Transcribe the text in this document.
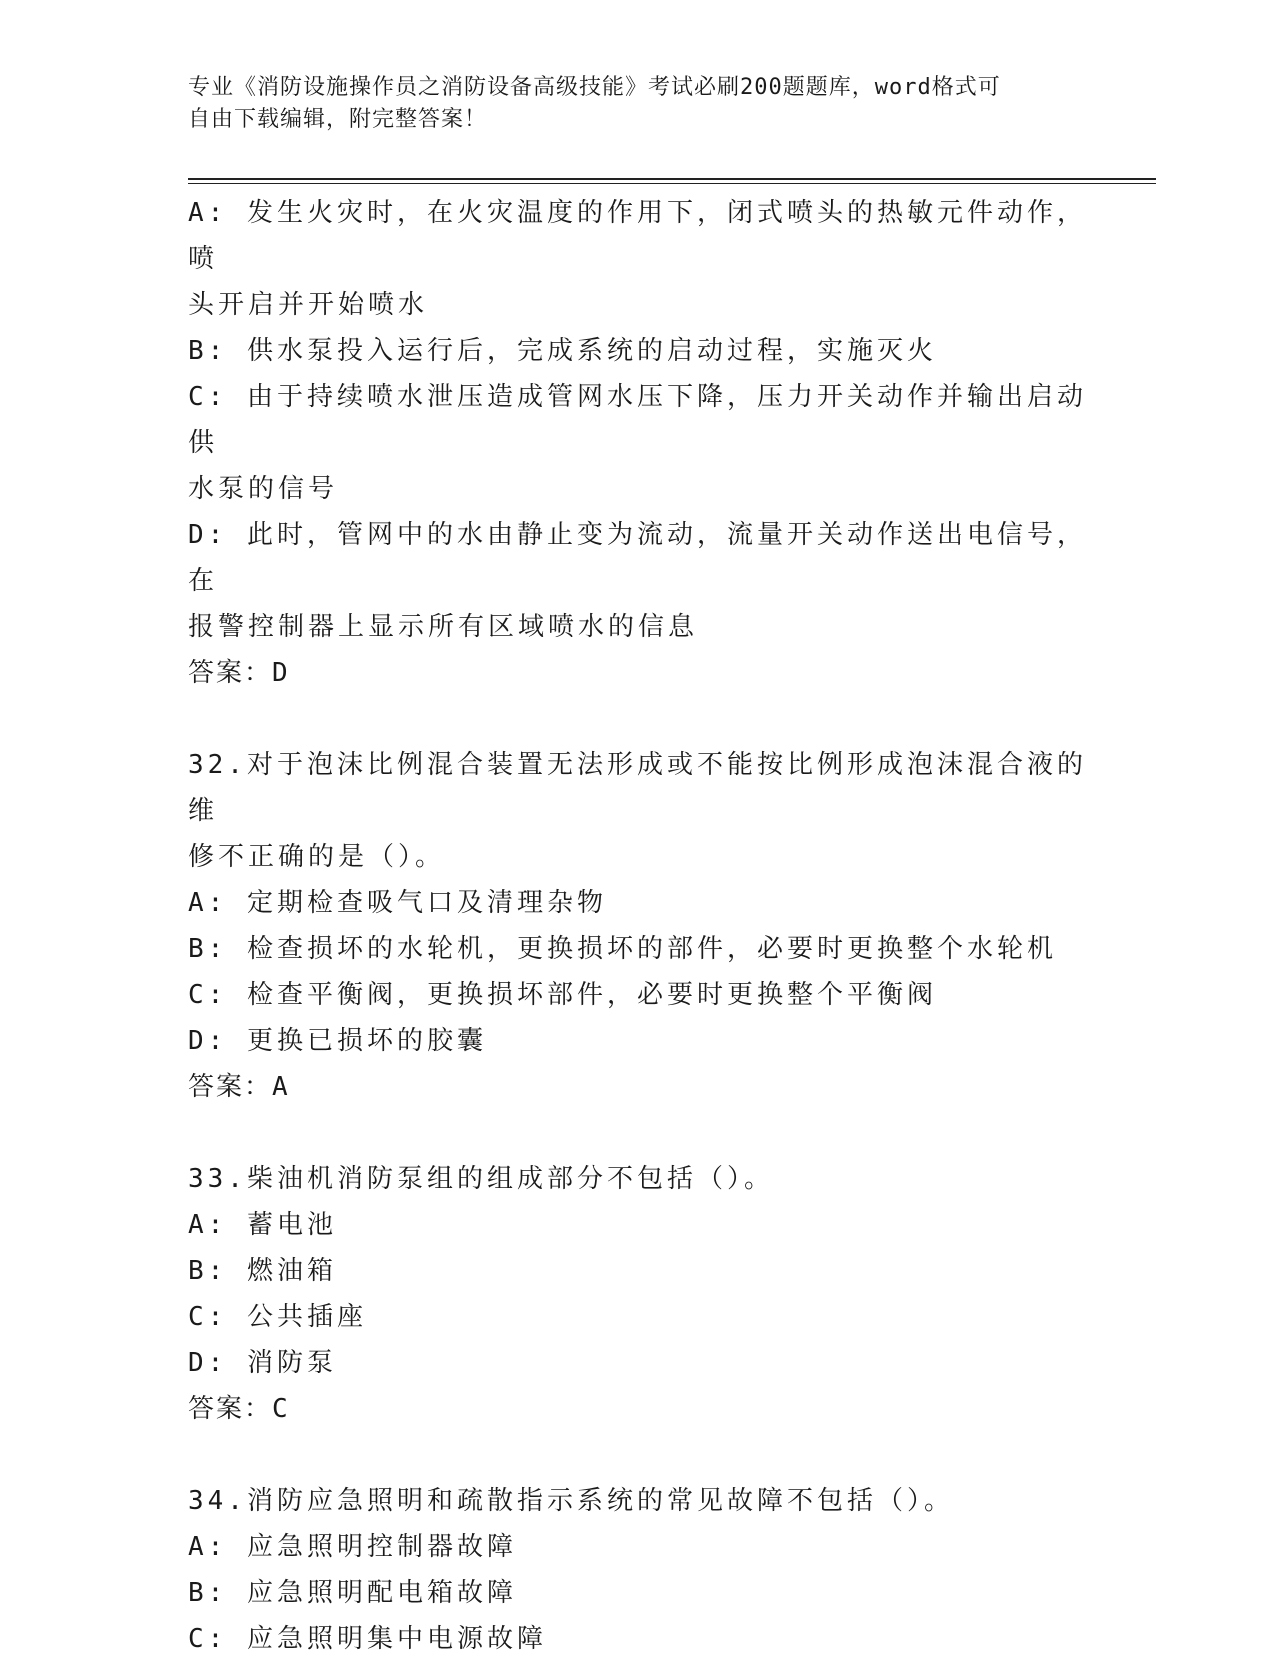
专业《消防设施操作员之消防设备高级技能》考试必刷200题题库，word格式可
自由下载编辑，附完整答案！
A: 发生火灾时，在火灾温度的作用下，闭式喷头的热敏元件动作，喷
头开启并开始喷水
B: 供水泵投入运行后，完成系统的启动过程，实施灭火
C: 由于持续喷水泄压造成管网水压下降，压力开关动作并输出启动供
水泵的信号
D: 此时，管网中的水由静止变为流动，流量开关动作送出电信号，在
报警控制器上显示所有区域喷水的信息
答案：D
32.对于泡沫比例混合装置无法形成或不能按比例形成泡沫混合液的维
修不正确的是（）。
A: 定期检查吸气口及清理杂物
B: 检查损坏的水轮机，更换损坏的部件，必要时更换整个水轮机
C: 检查平衡阀，更换损坏部件，必要时更换整个平衡阀
D: 更换已损坏的胶囊
答案：A
33.柴油机消防泵组的组成部分不包括（）。
A: 蓄电池
B: 燃油箱
C: 公共插座
D: 消防泵
答案：C
34.消防应急照明和疏散指示系统的常见故障不包括（）。
A: 应急照明控制器故障
B: 应急照明配电箱故障
C: 应急照明集中电源故障
